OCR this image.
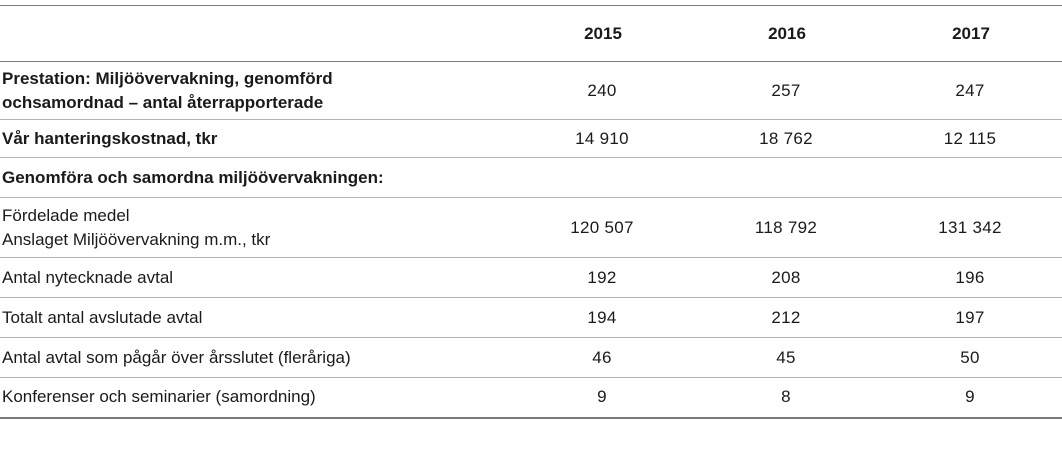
	2015	2016	2017
Prestation: Miljöövervakning, genomförd
ochsamordnad – antal återrapporterade	240	257	247
Vår hanteringskostnad, tkr	14 910	18 762	12 115
Genomföra och samordna miljöövervakningen:			
Fördelade medel
Anslaget Miljöövervakning m.m., tkr	120 507	118 792	131 342
Antal nytecknade avtal	192	208	196
Totalt antal avslutade avtal	194	212	197
Antal avtal som pågår över årsslutet (fleråriga)	46	45	50
Konferenser och seminarier (samordning)	9	8	9
